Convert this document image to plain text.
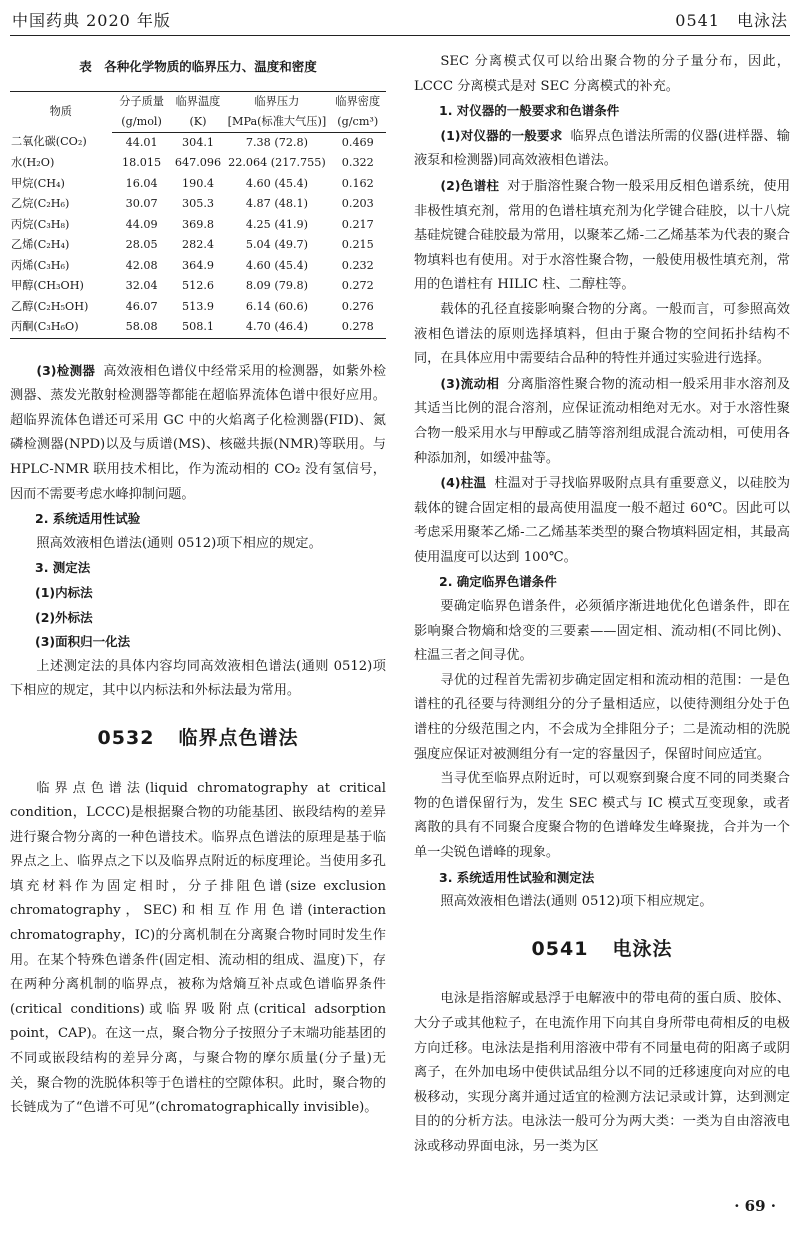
中国药典 2020 年版	0541　电泳法
表　各种化学物质的临界压力、温度和密度
物质	分子质量	临界温度	临界压力	临界密度
	(g/mol)	(K)	[MPa(标准大气压)]	(g/cm³)
二氧化碳(CO₂)	44.01	304.1	7.38 (72.8)	0.469
水(H₂O)	18.015	647.096	22.064 (217.755)	0.322
甲烷(CH₄)	16.04	190.4	4.60 (45.4)	0.162
乙烷(C₂H₆)	30.07	305.3	4.87 (48.1)	0.203
丙烷(C₃H₈)	44.09	369.8	4.25 (41.9)	0.217
乙烯(C₂H₄)	28.05	282.4	5.04 (49.7)	0.215
丙烯(C₃H₆)	42.08	364.9	4.60 (45.4)	0.232
甲醇(CH₃OH)	32.04	512.6	8.09 (79.8)	0.272
乙醇(C₂H₅OH)	46.07	513.9	6.14 (60.6)	0.276
丙酮(C₃H₆O)	58.08	508.1	4.70 (46.4)	0.278

(3)检测器 高效液相色谱仪中经常采用的检测器，如紫外检测器、蒸发光散射检测器等都能在超临界流体色谱中很好应用。超临界流体色谱还可采用 GC 中的火焰离子化检测器(FID)、氮磷检测器(NPD)以及与质谱(MS)、核磁共振(NMR)等联用。与 HPLC-NMR 联用技术相比，作为流动相的 CO₂ 没有氢信号，因而不需要考虑水峰抑制问题。

2. 系统适用性试验

照高效液相色谱法(通则 0512)项下相应的规定。

3. 测定法
(1)内标法
(2)外标法
(3)面积归一化法

上述测定法的具体内容均同高效液相色谱法(通则 0512)项下相应的规定，其中以内标法和外标法最为常用。

0532 临界点色谱法

临界点色谱法(liquid chromatography at critical condition，LCCC)是根据聚合物的功能基团、嵌段结构的差异进行聚合物分离的一种色谱技术。临界点色谱法的原理是基于临界点之上、临界点之下以及临界点附近的标度理论。当使用多孔填充材料作为固定相时，分子排阻色谱(size exclusion chromatography，SEC)和相互作用色谱(interaction chromatography，IC)的分离机制在分离聚合物时同时发生作用。在某个特殊色谱条件(固定相、流动相的组成、温度)下，存在两种分离机制的临界点，被称为焓熵互补点或色谱临界条件(critical conditions)或临界吸附点(critical adsorption point，CAP)。在这一点，聚合物分子按照分子末端功能基团的不同或嵌段结构的差异分离，与聚合物的摩尔质量(分子量)无关，聚合物的洗脱体积等于色谱柱的空隙体积。此时，聚合物的长链成为了“色谱不可见”(chromatographically invisible)。

SEC 分离模式仅可以给出聚合物的分子量分布，因此，LCCC 分离模式是对 SEC 分离模式的补充。

1. 对仪器的一般要求和色谱条件

(1)对仪器的一般要求 临界点色谱法所需的仪器(进样器、输液泵和检测器)同高效液相色谱法。

(2)色谱柱 对于脂溶性聚合物一般采用反相色谱系统，使用非极性填充剂，常用的色谱柱填充剂为化学键合硅胶，以十八烷基硅烷键合硅胶最为常用，以聚苯乙烯-二乙烯基苯为代表的聚合物填料也有使用。对于水溶性聚合物，一般使用极性填充剂，常用的色谱柱有 HILIC 柱、二醇柱等。

载体的孔径直接影响聚合物的分离。一般而言，可参照高效液相色谱法的原则选择填料，但由于聚合物的空间拓扑结构不同，在具体应用中需要结合品种的特性并通过实验进行选择。

(3)流动相 分离脂溶性聚合物的流动相一般采用非水溶剂及其适当比例的混合溶剂，应保证流动相绝对无水。对于水溶性聚合物一般采用水与甲醇或乙腈等溶剂组成混合流动相，可使用各种添加剂，如缓冲盐等。

(4)柱温 柱温对于寻找临界吸附点具有重要意义，以硅胶为载体的键合固定相的最高使用温度一般不超过 60℃。因此可以考虑采用聚苯乙烯-二乙烯基苯类型的聚合物填料固定相，其最高使用温度可以达到 100℃。

2. 确定临界色谱条件

要确定临界色谱条件，必须循序渐进地优化色谱条件，即在影响聚合物熵和焓变的三要素——固定相、流动相(不同比例)、柱温三者之间寻优。

寻优的过程首先需初步确定固定相和流动相的范围：一是色谱柱的孔径要与待测组分的分子量相适应，以使待测组分处于色谱柱的分级范围之内，不会成为全排阻分子；二是流动相的洗脱强度应保证对被测组分有一定的容量因子，保留时间应适宜。

当寻优至临界点附近时，可以观察到聚合度不同的同类聚合物的色谱保留行为，发生 SEC 模式与 IC 模式互变现象，或者离散的具有不同聚合度聚合物的色谱峰发生峰聚拢，合并为一个单一尖锐色谱峰的现象。

3. 系统适用性试验和测定法

照高效液相色谱法(通则 0512)项下相应规定。

0541 电泳法

电泳是指溶解或悬浮于电解液中的带电荷的蛋白质、胶体、大分子或其他粒子，在电流作用下向其自身所带电荷相反的电极方向迁移。电泳法是指利用溶液中带有不同量电荷的阳离子或阴离子，在外加电场中使供试品组分以不同的迁移速度向对应的电极移动，实现分离并通过适宜的检测方法记录或计算，达到测定目的的分析方法。电泳法一般可分为两大类：一类为自由溶液电泳或移动界面电泳，另一类为区

· 69 ·
